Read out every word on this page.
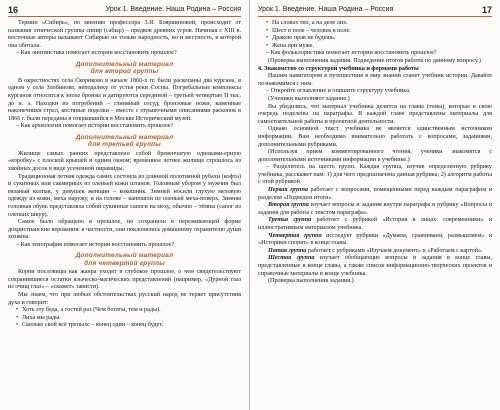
16	Урок 1. Введение. Наша Родина – Россия

Термин «Сибирь», по мнению профессора З.Я. Бояршиновой, происходит от названия этнической группы сипир (сабыр) – предков древних угров. Начиная с XIII в. восточные авторы называют Сибирью не только народность, но и местность, в которой она обитала.

– Как лингвистика помогает истории восстановить прошлое?

Дополнительный материал
для второй группы

В окрестностях села Скориково в начале 1860-х гг. были раскопаны два кургана, в одном у села Злобинова, неподалеку от устья реки Сосны. Погребальные комплексы курганов относятся к эпохе бронзы и датируются серединой – третьей четвертью II тыс. до н. э. Находки из погребений – глиняный сосуд, бронзовые ножи, каменные наконечники стрел, костяные поделки – вместе с отрывочными описаниями раскопок в 1866 г. были переданы в открывшийся в Москве Исторический музей.

– Как археология помогает истории восстановить прошлое?

Дополнительный материал
для третьей группы

Жилище самых ранних представлено собой бревенчатую одноками-ерную «коробку» с плоской крышей и одним окном; временное летнее жилище строилось из хвойных досок в виде усеченной пирамиды.

Традиционная летняя одежда самих состояла из длинной полотняной рубахи (кофта) и сукинных или сакмирных из оленьей кожи штанов. Головным убором у мужчин был вязаный колпак, у девушек женщин – кокошник. Зимней носили глухую меховую одежду из кожи, меха наружу, и на голове – капюшон из оленьей меха-поверх. Зимняя головная обувь представляла собой сукинные сапоги на меху, обычно – тёмны (сапог из оленьих шкур).

Самое было обращено в прошлое, но сохранили в переживающей форме дохристианские верования: в частности, они поклонялись домашнему охранителю души хозяина.

– Как этнография помогает истории восстановить прошлое?

Дополнительный материал
для четвертой группы

Корни пословицы как жанра уходят в глубокое прошлое, о чем свидетельствуют сохранившиеся остатки языческо-магических представлений (например, «Дурной глаз из очищ глаз» – «скажет» зависти).

Мы знаем, что при любых обстоятельствах русский народ не теряет присутствия духа и говорит:

• Хоть эту беда, а гостей раз (Чем богаты, тем и рады).
• Лиха мы рады.
• Сколько свой всё трепыхс – конец один – конец будет.
Урок 1. Введение. Наша Родина – Россия	17
• На словах тих, а на деле лих.
• Шест в поле – человек в поле.
• Дракою прав не будешь.
• Жена при муже.

– Как фольклористика помогает истории восстановить прошлое?

(Проверка выполнения задания. Подведение итогов работы по данному вопросу.)

4. Знакомство со структурой учебника и формами работы

Нашим навигатором в путешествия в мир знаний станет учебник истории. Давайте познакомимся с ним.

– Откройте оглавление и опишите структуру учебника.

(Ученики выполняют задание.)

Вы убедились, что материал учебника делится на главы (темы), которые в свою очередь поделены на параграфы. В каждой главе представлены материалы для самостоятельной работы и проектной деятельности.

Однако основной текст учебника не является единственным источником информации. Вам необходимо внимательно работать с вопросами, заданиями, дополнительными рубриками.

(Используя прием комментированного чтения, ученики знакомятся с дополнительными источниками информации в учебнике.)

– Разделитесь на шесть групп. Каждая группа, изучив определенную рубрику учебника, расскажет нам: 1) для чего предназначена данная рубрика; 2) алгоритм работы с этой рубрикой.

Первая группа работает с вопросами, помещенными перед каждым параграфом и разделом «Подведем итоги».

Вторая группа изучает вопросы и задания внутри параграфа и рубрику «Вопросы и задания для работы с текстом параграфа».

Третья группа работает с рубрикой «История в лицах: современники» и иллюстративным материалом учебника.

Четвертая группа исследует рубрики «Думаем, сравниваем, размышляем» и «Историки спорят» в конце главы.

Пятая группа работает с рубриками «Изучаем документ» и «Работаем с картой».

Шестая группа изучает обобщающие вопросы и задания в конце главы, представленные в конце главы, а также список информационно-творческих проектов и справочные материалы в конце учебника.

(Проверка выполнения задания.)
